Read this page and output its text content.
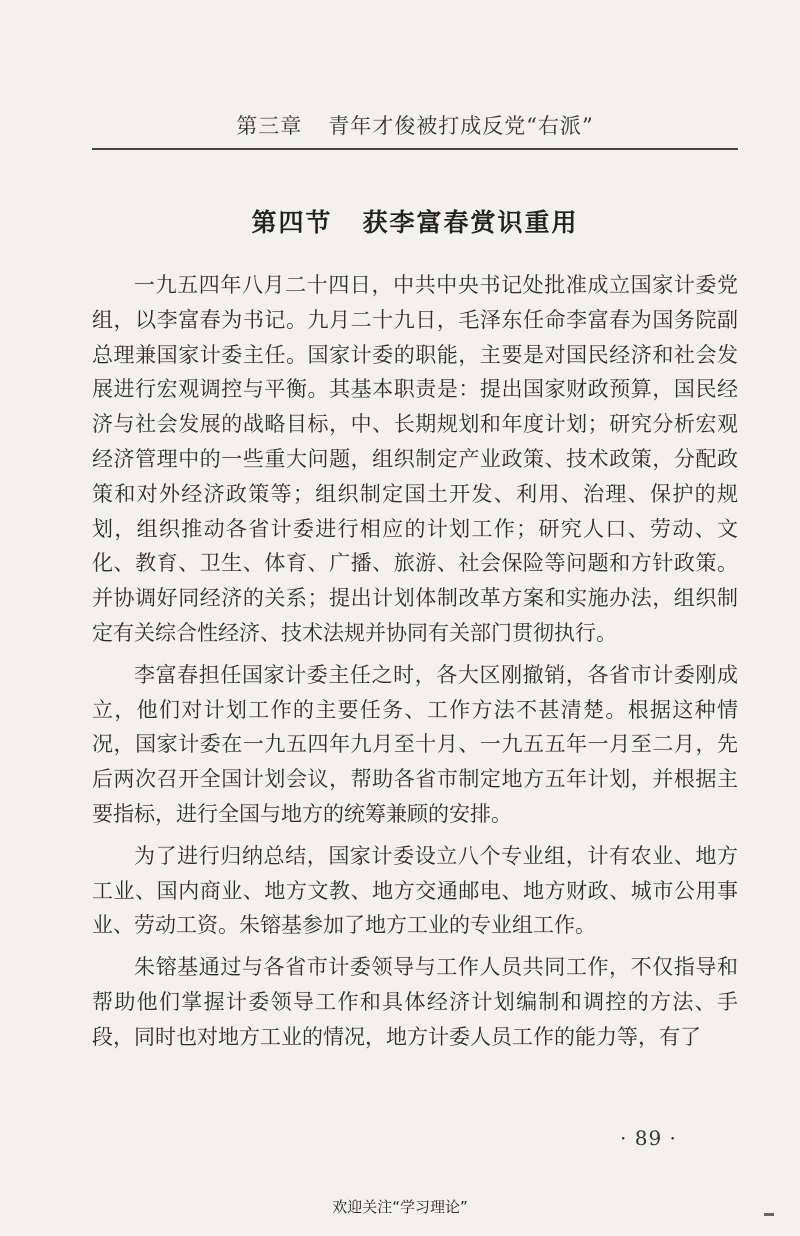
第三章 青年才俊被打成反党“右派”
第四节 获李富春赏识重用

一九五四年八月二十四日，中共中央书记处批准成立国家计委党组，以李富春为书记。九月二十九日，毛泽东任命李富春为国务院副总理兼国家计委主任。国家计委的职能，主要是对国民经济和社会发展进行宏观调控与平衡。其基本职责是：提出国家财政预算，国民经济与社会发展的战略目标，中、长期规划和年度计划；研究分析宏观经济管理中的一些重大问题，组织制定产业政策、技术政策，分配政策和对外经济政策等；组织制定国土开发、利用、治理、保护的规划，组织推动各省计委进行相应的计划工作；研究人口、劳动、文化、教育、卫生、体育、广播、旅游、社会保险等问题和方针政策。并协调好同经济的关系；提出计划体制改革方案和实施办法，组织制定有关综合性经济、技术法规并协同有关部门贯彻执行。

李富春担任国家计委主任之时，各大区刚撤销，各省市计委刚成立，他们对计划工作的主要任务、工作方法不甚清楚。根据这种情况，国家计委在一九五四年九月至十月、一九五五年一月至二月，先后两次召开全国计划会议，帮助各省市制定地方五年计划，并根据主要指标，进行全国与地方的统筹兼顾的安排。

为了进行归纳总结，国家计委设立八个专业组，计有农业、地方工业、国内商业、地方文教、地方交通邮电、地方财政、城市公用事业、劳动工资。朱镕基参加了地方工业的专业组工作。

朱镕基通过与各省市计委领导与工作人员共同工作，不仅指导和帮助他们掌握计委领导工作和具体经济计划编制和调控的方法、手段，同时也对地方工业的情况，地方计委人员工作的能力等，有了

· 89 ·
欢迎关注“学习理论”
